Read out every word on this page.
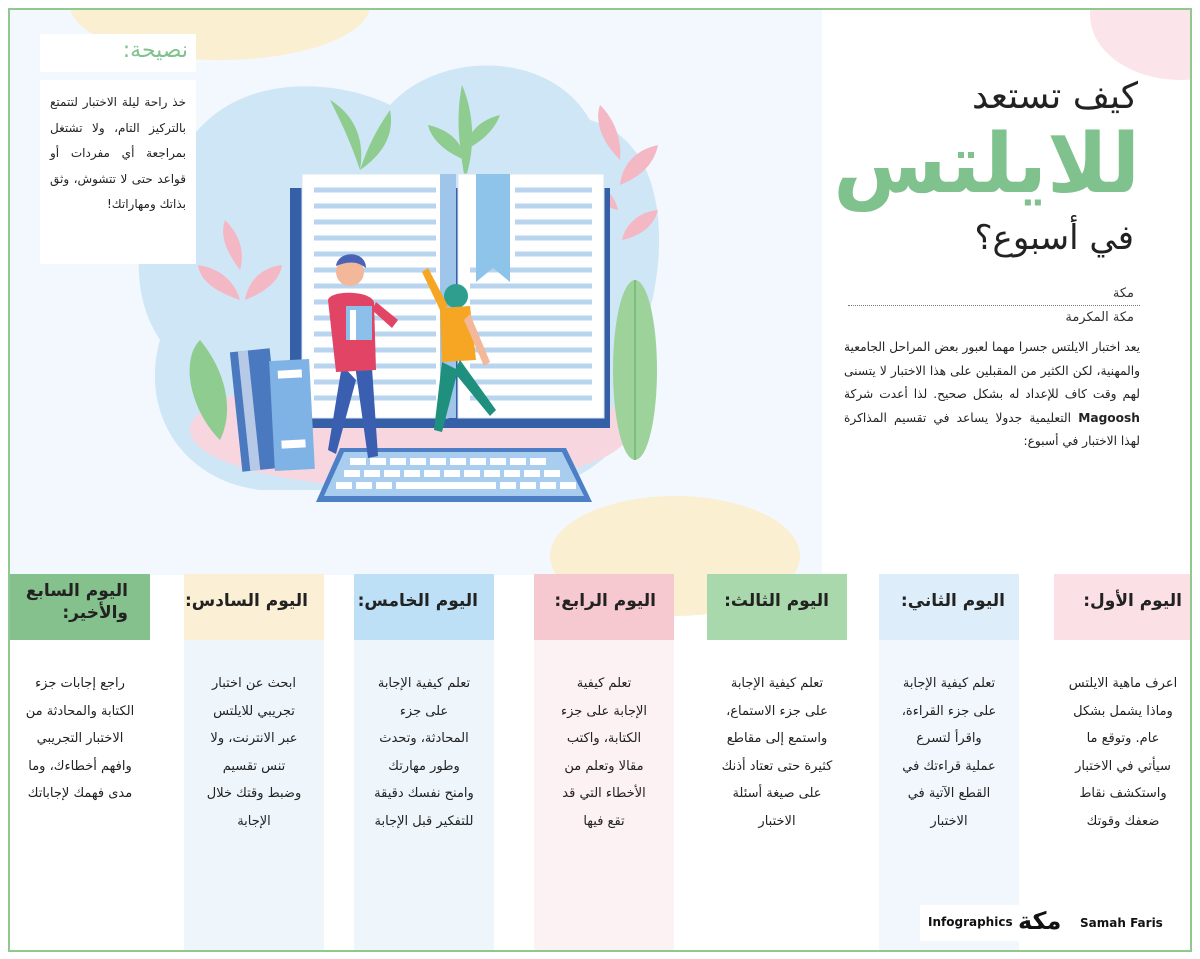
كيف تستعد
للايلتس
في أسبوع؟
مكة
مكة المكرمة
يعد اختبار الايلتس جسرا مهما لعبور بعض المراحل الجامعية والمهنية، لكن الكثير من المقبلين على هذا الاختبار لا يتسنى لهم وقت كاف للإعداد له بشكل صحيح. لذا أعدت شركة Magoosh التعليمية جدولا يساعد في تقسيم المذاكرة لهذا الاختبار في أسبوع:
نصيحة:

خذ راحة ليلة الاختبار لتتمتع بالتركيز التام، ولا تشتغل بمراجعة أي مفردات أو قواعد حتى لا تتشوش، وثق بذاتك ومهاراتك!

اليوم الأول:

اعرف ماهية الايلتس وماذا يشمل بشكل عام. وتوقع ما سيأتي في الاختبار واستكشف نقاط ضعفك وقوتك

اليوم الثاني:

تعلم كيفية الإجابة على جزء القراءة، واقرأ لتسرع عملية قراءتك في القطع الآتية في الاختبار

اليوم الثالث:

تعلم كيفية الإجابة على جزء الاستماع، واستمع إلى مقاطع كثيرة حتى تعتاد أذنك على صيغة أسئلة الاختبار

اليوم الرابع:

تعلم كيفية الإجابة على جزء الكتابة، واكتب مقالا وتعلم من الأخطاء التي قد تقع فيها

اليوم الخامس:

تعلم كيفية الإجابة على جزء المحادثة، وتحدث وطور مهارتك وامنح نفسك دقيقة للتفكير قبل الإجابة

اليوم السادس:

ابحث عن اختبار تجريبي للايلتس عبر الانترنت، ولا تنس تقسيم وضبط وقتك خلال الإجابة

اليوم السابع والأخير:

راجع إجابات جزء الكتابة والمحادثة من الاختبار التجريبي وافهم أخطاءك، وما مدى فهمك لإجاباتك

Infographics مكة Samah Faris
